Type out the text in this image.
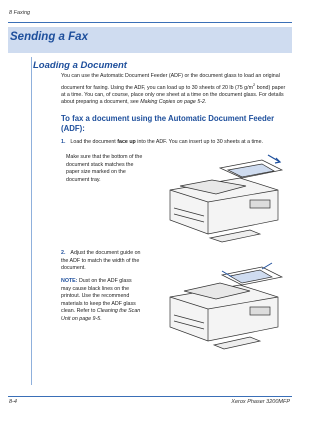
8 Faxing
Sending a Fax
Loading a Document
You can use the Automatic Document Feeder (ADF) or the document glass to load an original document for faxing. Using the ADF, you can load up to 30 sheets of 20 lb (75 $g/m^2$ bond) paper at a time. You can, of course, place only one sheet at a time on the document glass. For details about preparing a document, see Making Copies on page 5-2.
To fax a document using the Automatic Document Feeder (ADF):
1. Load the document face up into the ADF. You can insert up to 30 sheets at a time.
Make sure that the bottom of the document stack matches the paper size marked on the document tray.
2. Adjust the document guide on the ADF to match the width of the document.
NOTE: Dust on the ADF glass may cause black lines on the printout. Use the recommend materials to keep the ADF glass clean. Refer to Cleaning the Scan Unit on page 9-5.
8-4	Xerox Phaser 3200MFP
